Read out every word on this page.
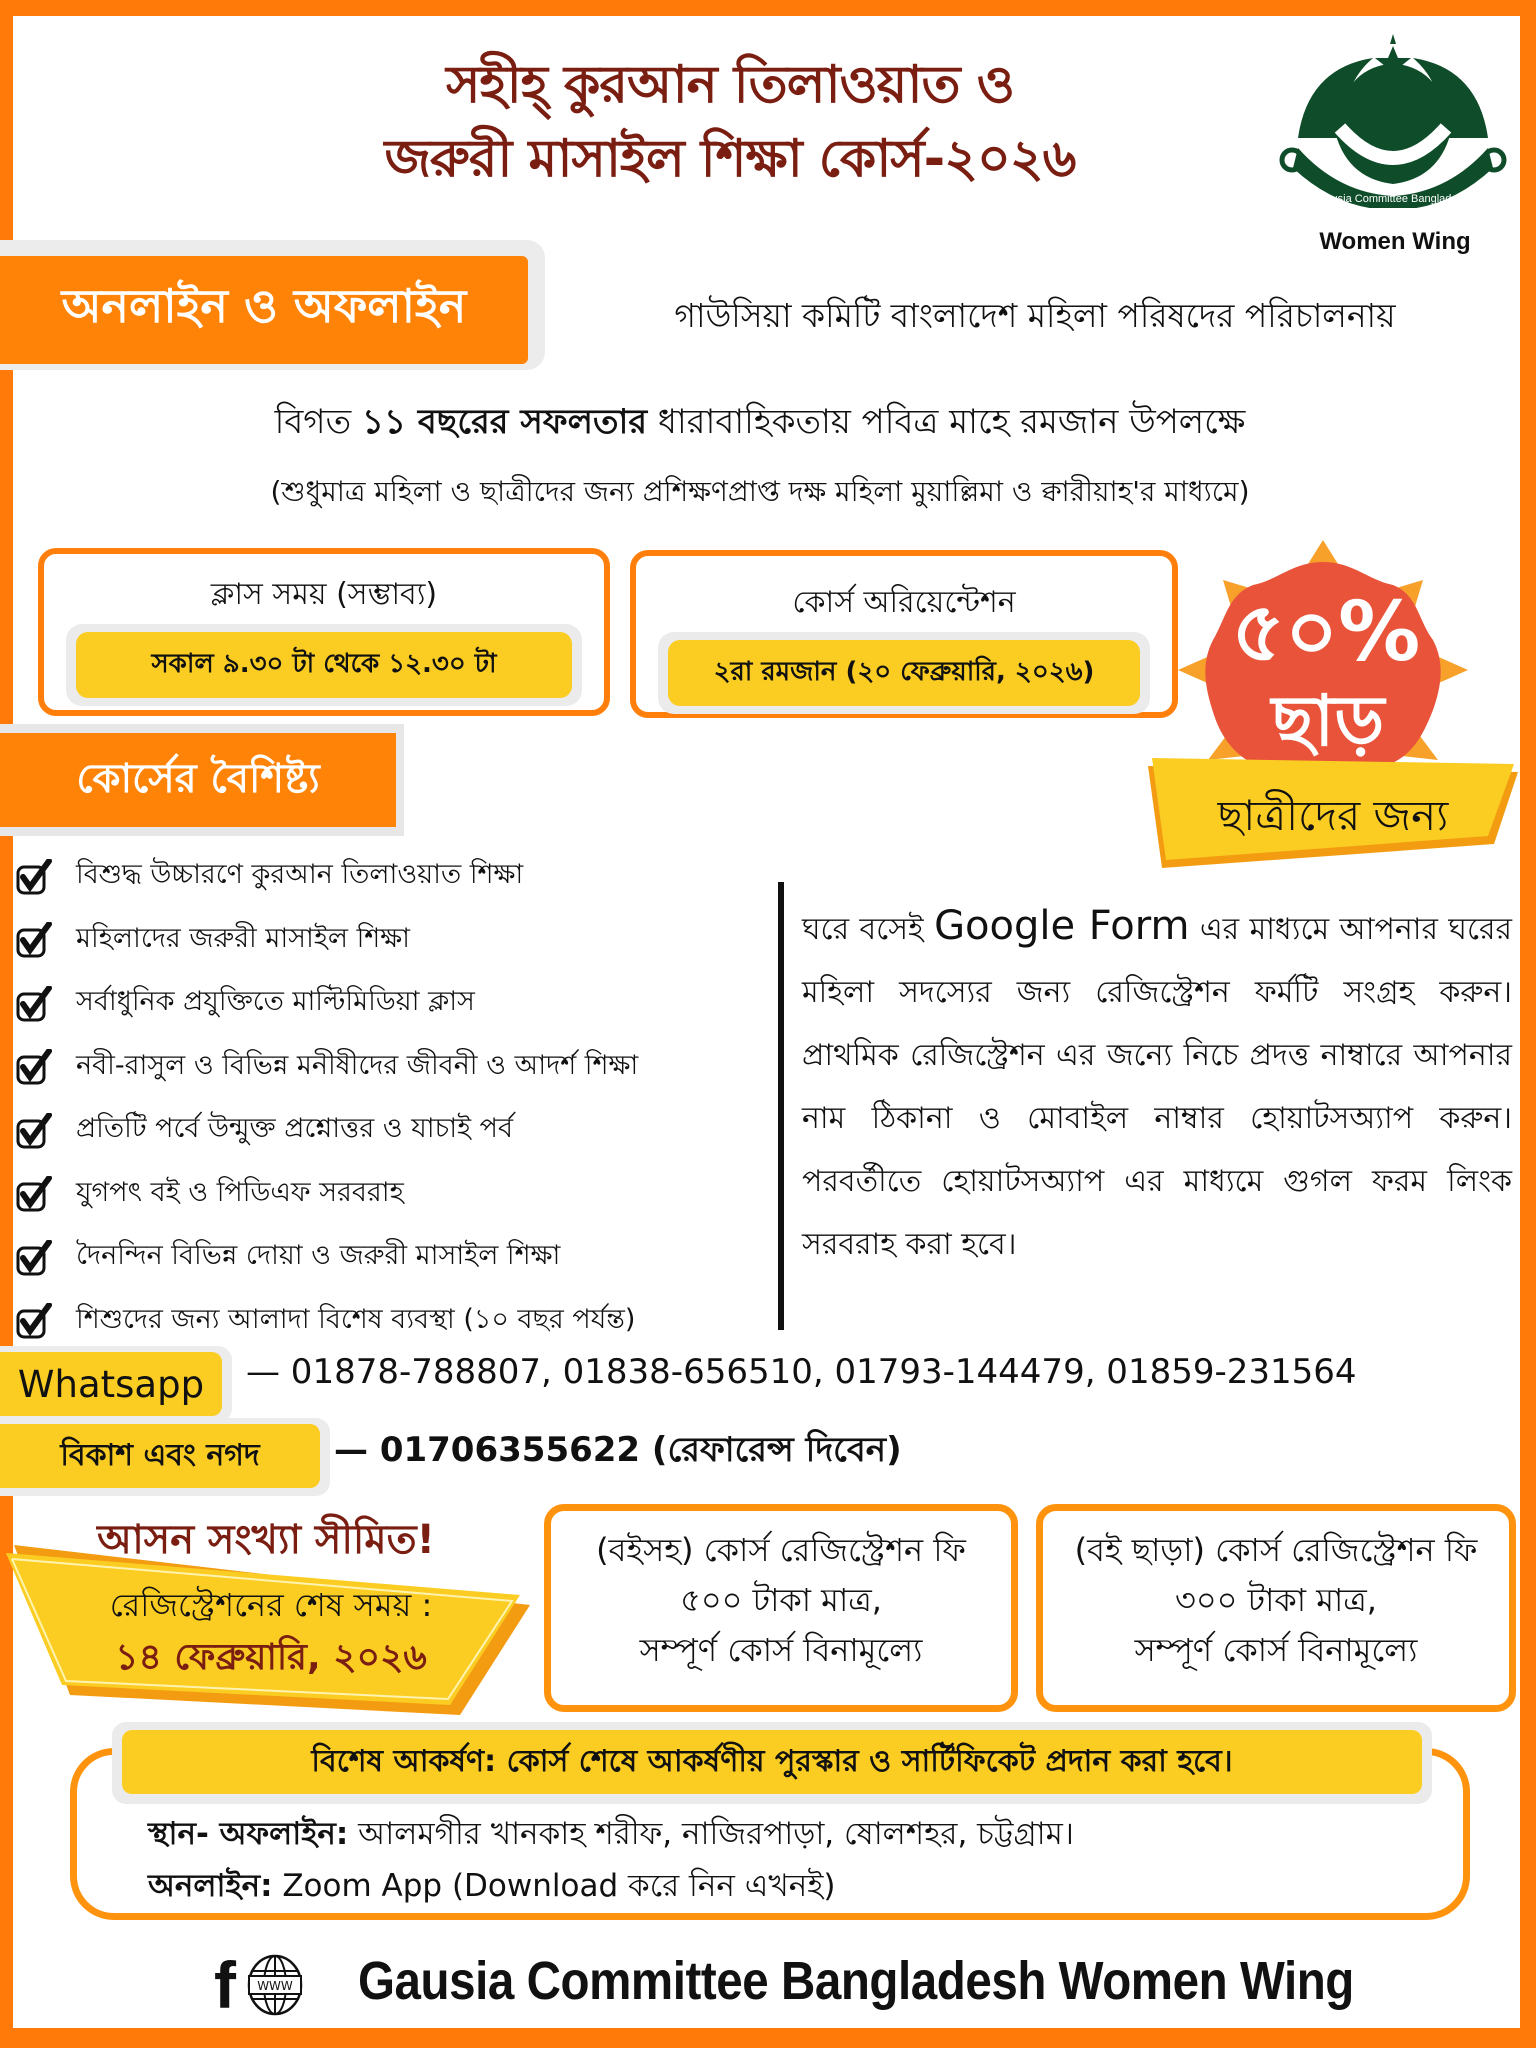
সহীহ্ কুরআন তিলাওয়াত ও
জরুরী মাসাইল শিক্ষা কোর্স-২০২৬
Gausia Committee Bangladesh
Women Wing
অনলাইন ও অফলাইন	গাউসিয়া কমিটি বাংলাদেশ মহিলা পরিষদের পরিচালনায়
বিগত ১১ বছরের সফলতার ধারাবাহিকতায় পবিত্র মাহে রমজান উপলক্ষে
(শুধুমাত্র মহিলা ও ছাত্রীদের জন্য প্রশিক্ষণপ্রাপ্ত দক্ষ মহিলা মুয়াল্লিমা ও ক্বারীয়াহ'র মাধ্যমে)
ক্লাস সময় (সম্ভাব্য)
সকাল ৯.৩০ টা থেকে ১২.৩০ টা
কোর্স অরিয়েন্টেশন
২রা রমজান (২০ ফেব্রুয়ারি, ২০২৬)	৫০%
ছাড়
ছাত্রীদের জন্য
কোর্সের বৈশিষ্ট্য
বিশুদ্ধ উচ্চারণে কুরআন তিলাওয়াত শিক্ষা
মহিলাদের জরুরী মাসাইল শিক্ষা
সর্বাধুনিক প্রযুক্তিতে মাল্টিমিডিয়া ক্লাস
নবী-রাসুল ও বিভিন্ন মনীষীদের জীবনী ও আদর্শ শিক্ষা
প্রতিটি পর্বে উন্মুক্ত প্রশ্নোত্তর ও যাচাই পর্ব
যুগপৎ বই ও পিডিএফ সরবরাহ
দৈনন্দিন বিভিন্ন দোয়া ও জরুরী মাসাইল শিক্ষা
শিশুদের জন্য আলাদা বিশেষ ব্যবস্থা (১০ বছর পর্যন্ত)
ঘরে বসেই Google Form এর মাধ্যমে আপনার ঘরের মহিলা সদস্যের জন্য রেজিস্ট্রেশন ফর্মটি সংগ্রহ করুন। প্রাথমিক রেজিস্ট্রেশন এর জন্যে নিচে প্রদত্ত নাম্বারে আপনার নাম ঠিকানা ও মোবাইল নাম্বার হোয়াটসঅ্যাপ করুন। পরবর্তীতে হোয়াটসঅ্যাপ এর মাধ্যমে গুগল ফরম লিংক সরবরাহ করা হবে।
Whatsapp	— 01878-788807, 01838-656510, 01793-144479, 01859-231564
বিকাশ এবং নগদ	— 01706355622 (রেফারেন্স দিবেন)
আসন সংখ্যা সীমিত!
রেজিস্ট্রেশনের শেষ সময় :
১৪ ফেব্রুয়ারি, ২০২৬
(বইসহ) কোর্স রেজিস্ট্রেশন ফি
৫০০ টাকা মাত্র,
সম্পূর্ণ কোর্স বিনামূল্যে
(বই ছাড়া) কোর্স রেজিস্ট্রেশন ফি
৩০০ টাকা মাত্র,
সম্পূর্ণ কোর্স বিনামূল্যে
বিশেষ আকর্ষণ: কোর্স শেষে আকর্ষণীয় পুরস্কার ও সার্টিফিকেট প্রদান করা হবে।
স্থান- অফলাইন: আলমগীর খানকাহ শরীফ, নাজিরপাড়া, ষোলশহর, চট্টগ্রাম।
অনলাইন: Zoom App (Download করে নিন এখনই)
f WWW Gausia Committee Bangladesh Women Wing
